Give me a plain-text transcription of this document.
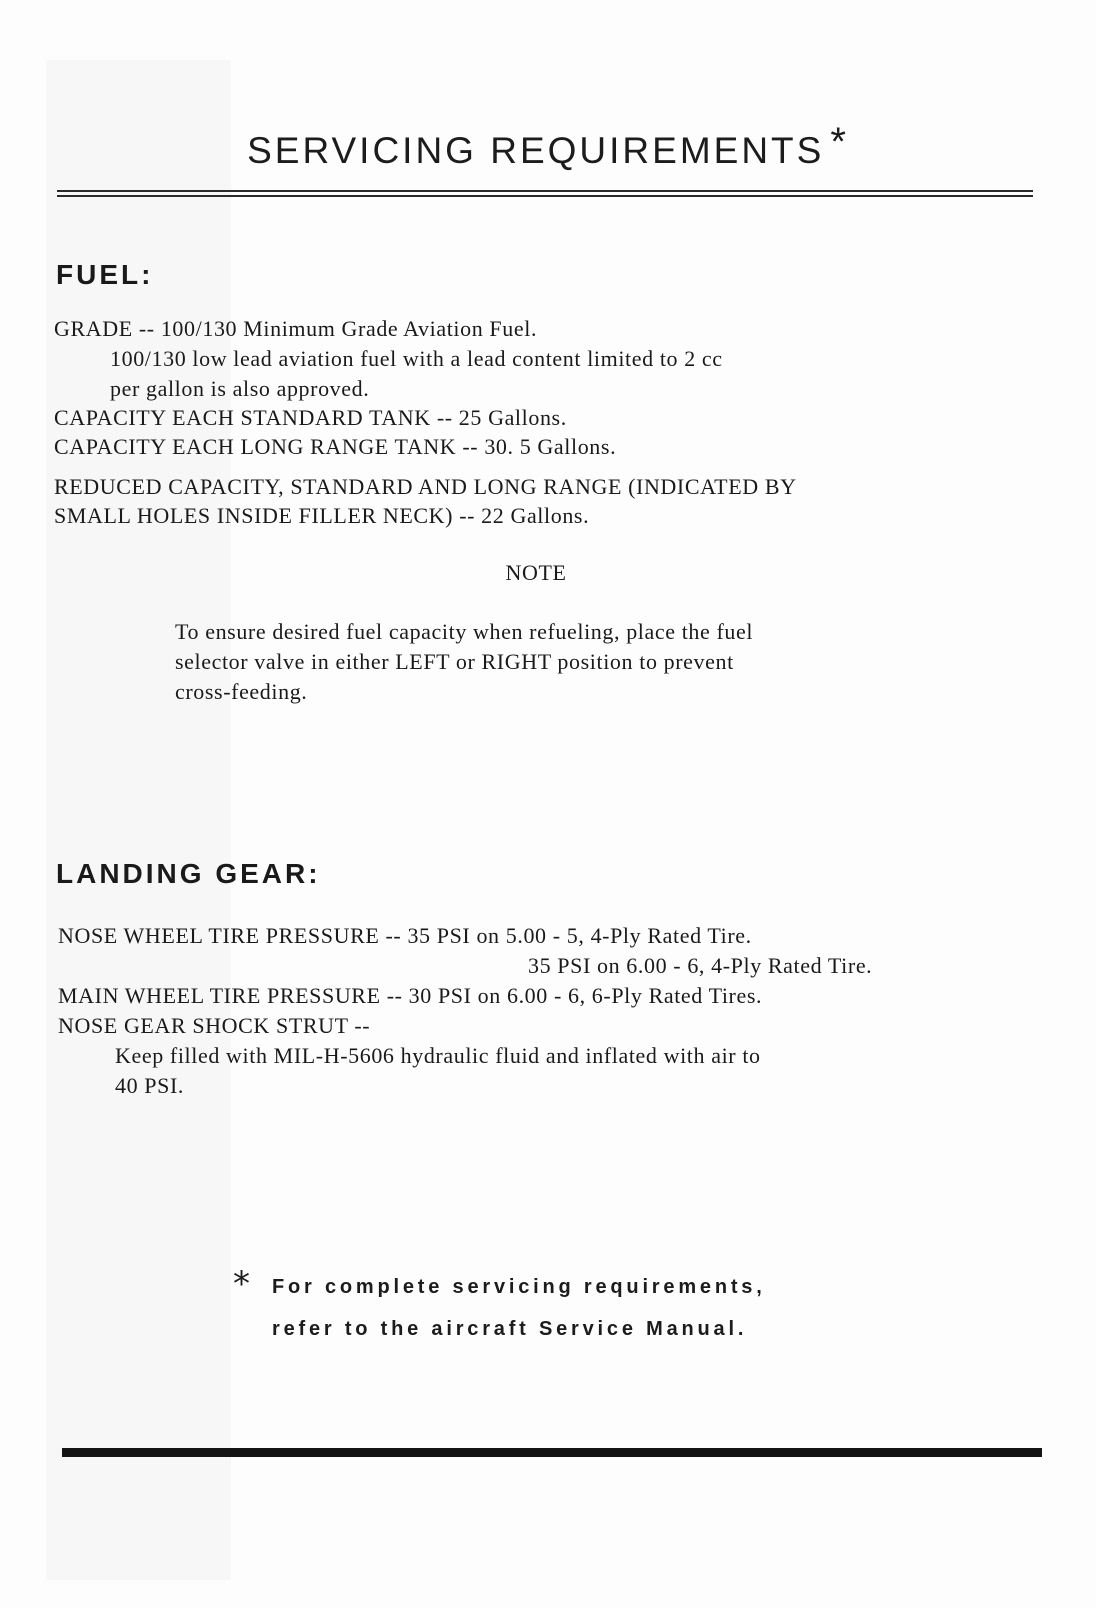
SERVICING REQUIREMENTS *
FUEL:
GRADE -- 100/130 Minimum Grade Aviation Fuel.
100/130 low lead aviation fuel with a lead content limited to 2 cc
per gallon is also approved.
CAPACITY EACH STANDARD TANK -- 25 Gallons.
CAPACITY EACH LONG RANGE TANK -- 30. 5 Gallons.
REDUCED CAPACITY, STANDARD AND LONG RANGE (INDICATED BY
SMALL HOLES INSIDE FILLER NECK) -- 22 Gallons.
NOTE
To ensure desired fuel capacity when refueling, place the fuel
selector valve in either LEFT or RIGHT position to prevent
cross-feeding.
LANDING GEAR:
NOSE WHEEL TIRE PRESSURE -- 35 PSI on 5.00 - 5, 4-Ply Rated Tire.
35 PSI on 6.00 - 6, 4-Ply Rated Tire.
MAIN WHEEL TIRE PRESSURE -- 30 PSI on 6.00 - 6, 6-Ply Rated Tires.
NOSE GEAR SHOCK STRUT --
Keep filled with MIL-H-5606 hydraulic fluid and inflated with air to
40 PSI.
* For complete servicing requirements,
refer to the aircraft Service Manual.
